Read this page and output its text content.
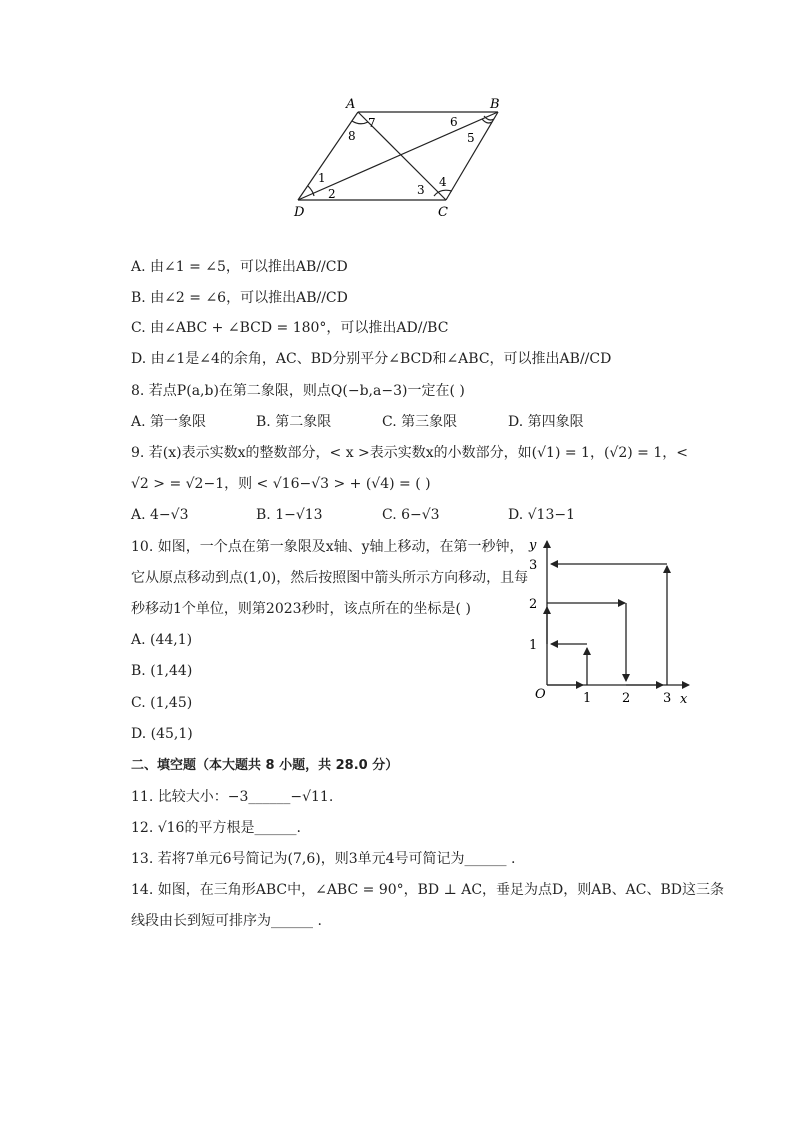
A	B
C
D
1
2	3
4
5
6
7
8
A. 由∠1 = ∠5，可以推出AB//CD
B. 由∠2 = ∠6，可以推出AB//CD
C. 由∠ABC + ∠BCD = 180°，可以推出AD//BC
D. 由∠1是∠4的余角，AC、BD分别平分∠BCD和∠ABC，可以推出AB//CD
8. 若点P(a,b)在第二象限，则点Q(−b,a−3)一定在( )
A. 第一象限	B. 第二象限	C. 第三象限	D. 第四象限
9. 若(x)表示实数x的整数部分，< x >表示实数x的小数部分，如(√1) = 1，(√2) = 1，<
√2 > = √2−1，则 < √16−√3 > + (√4) = ( )
A. 4−√3	B. 1−√13	C. 6−√3	D. √13−1
10. 如图，一个点在第一象限及x轴、y轴上移动，在第一秒钟，
它从原点移动到点(1,0)，然后按照图中箭头所示方向移动，且每
秒移动1个单位，则第2023秒时，该点所在的坐标是( )
A. (44,1)
B. (1,44)
C. (1,45)
D. (45,1)
y
x
O	1 2	3
1
2
3
二、填空题（本大题共 8 小题，共 28.0 分）
11. 比较大小：−3______−√11.
12. √16的平方根是______.
13. 若将7单元6号简记为(7,6)，则3单元4号可简记为______ .
14. 如图，在三角形ABC中，∠ABC = 90°，BD ⊥ AC，垂足为点D，则AB、AC、BD这三条
线段由长到短可排序为______ .
